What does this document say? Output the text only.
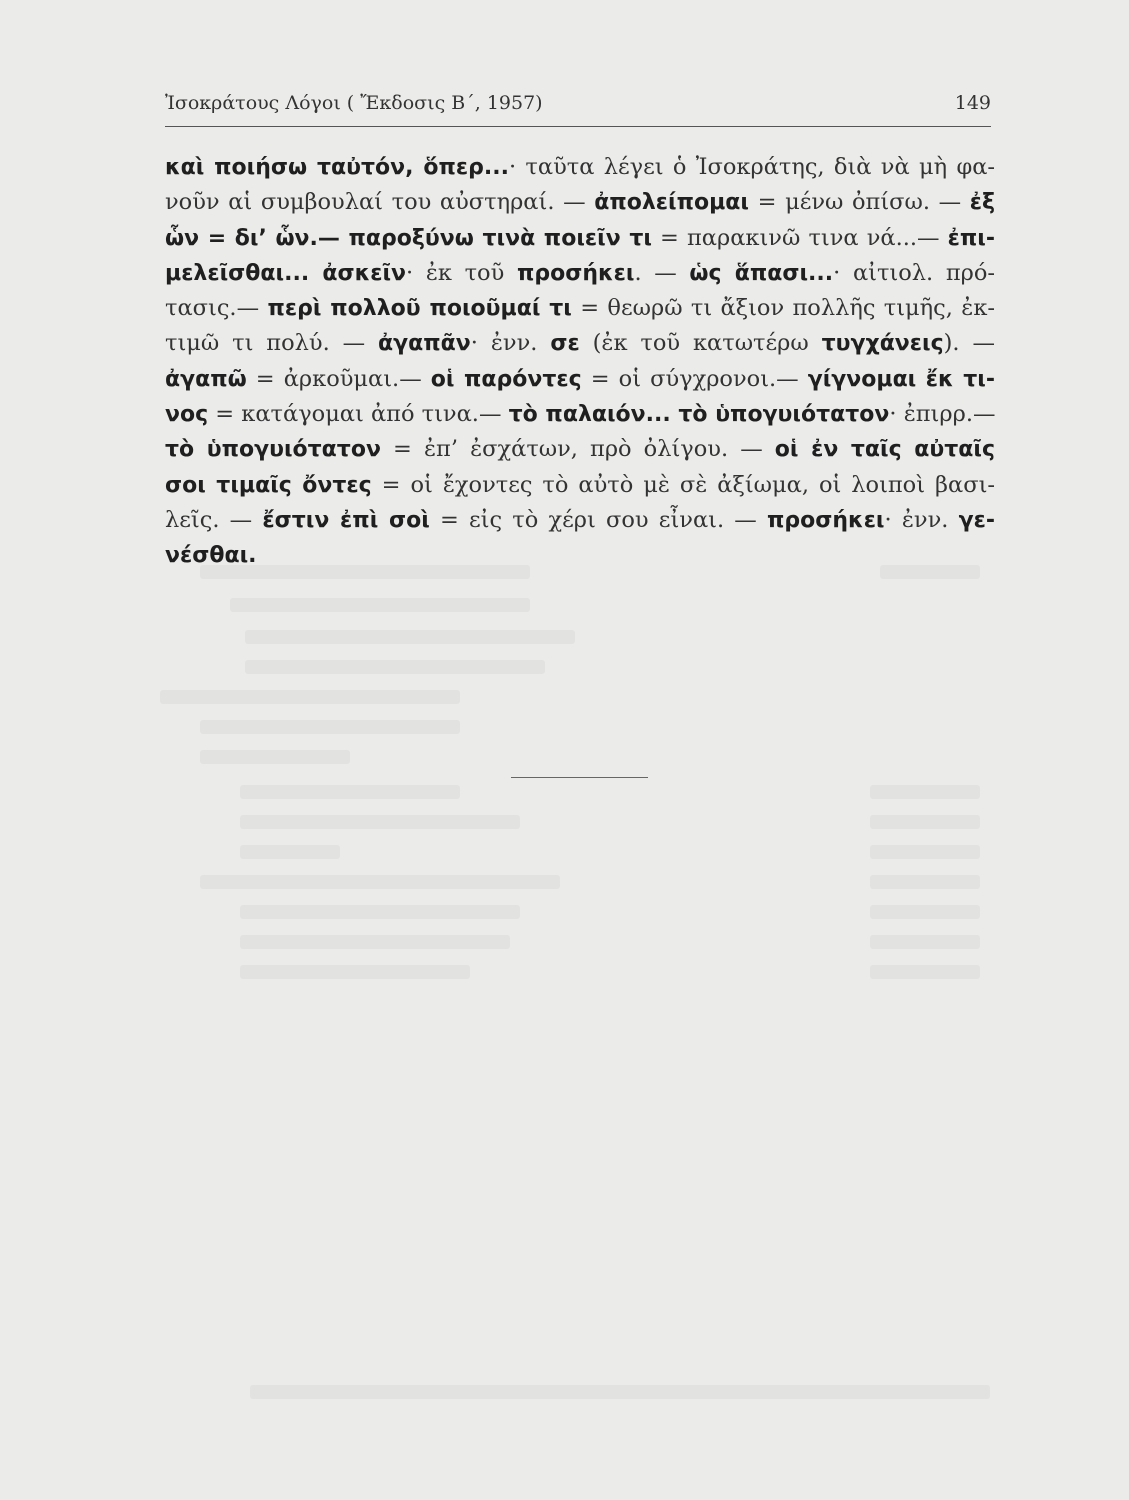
Ἰσοκράτους Λόγοι ( Ἔκδοσις Β΄, 1957)	149
καὶ ποιήσω ταὐτόν, ὅπερ...· ταῦτα λέγει ὁ Ἰσοκράτης, διὰ νὰ μὴ φα-
νοῦν αἱ συμβουλαί του αὐστηραί. — ἀπολείπομαι = μένω ὀπίσω. — ἐξ
ὧν = δι’ ὧν.— παροξύνω τινὰ ποιεῖν τι = παρακινῶ τινα νά...— ἐπι-
μελεῖσθαι... ἀσκεῖν· ἐκ τοῦ προσήκει. — ὡς ἅπασι...· αἰτιολ. πρό-
τασις.— περὶ πολλοῦ ποιοῦμαί τι = θεωρῶ τι ἄξιον πολλῆς τιμῆς, ἐκ-
τιμῶ τι πολύ. — ἀγαπᾶν· ἐνν. σε (ἐκ τοῦ κατωτέρω τυγχάνεις). —
ἀγαπῶ = ἀρκοῦμαι.— οἱ παρόντες = οἱ σύγχρονοι.— γίγνομαι ἔκ τι-
νος = κατάγομαι ἀπό τινα.— τὸ παλαιόν... τὸ ὑπογυιότατον· ἐπιρρ.—
τὸ ὑπογυιότατον = ἐπ’ ἐσχάτων, πρὸ ὀλίγου. — οἱ ἐν ταῖς αὐταῖς
σοι τιμαῖς ὄντες = οἱ ἔχοντες τὸ αὐτὸ μὲ σὲ ἀξίωμα, οἱ λοιποὶ βασι-
λεῖς. — ἔστιν ἐπὶ σοὶ = εἰς τὸ χέρι σου εἶναι. — προσήκει· ἐνν. γε-
νέσθαι.
